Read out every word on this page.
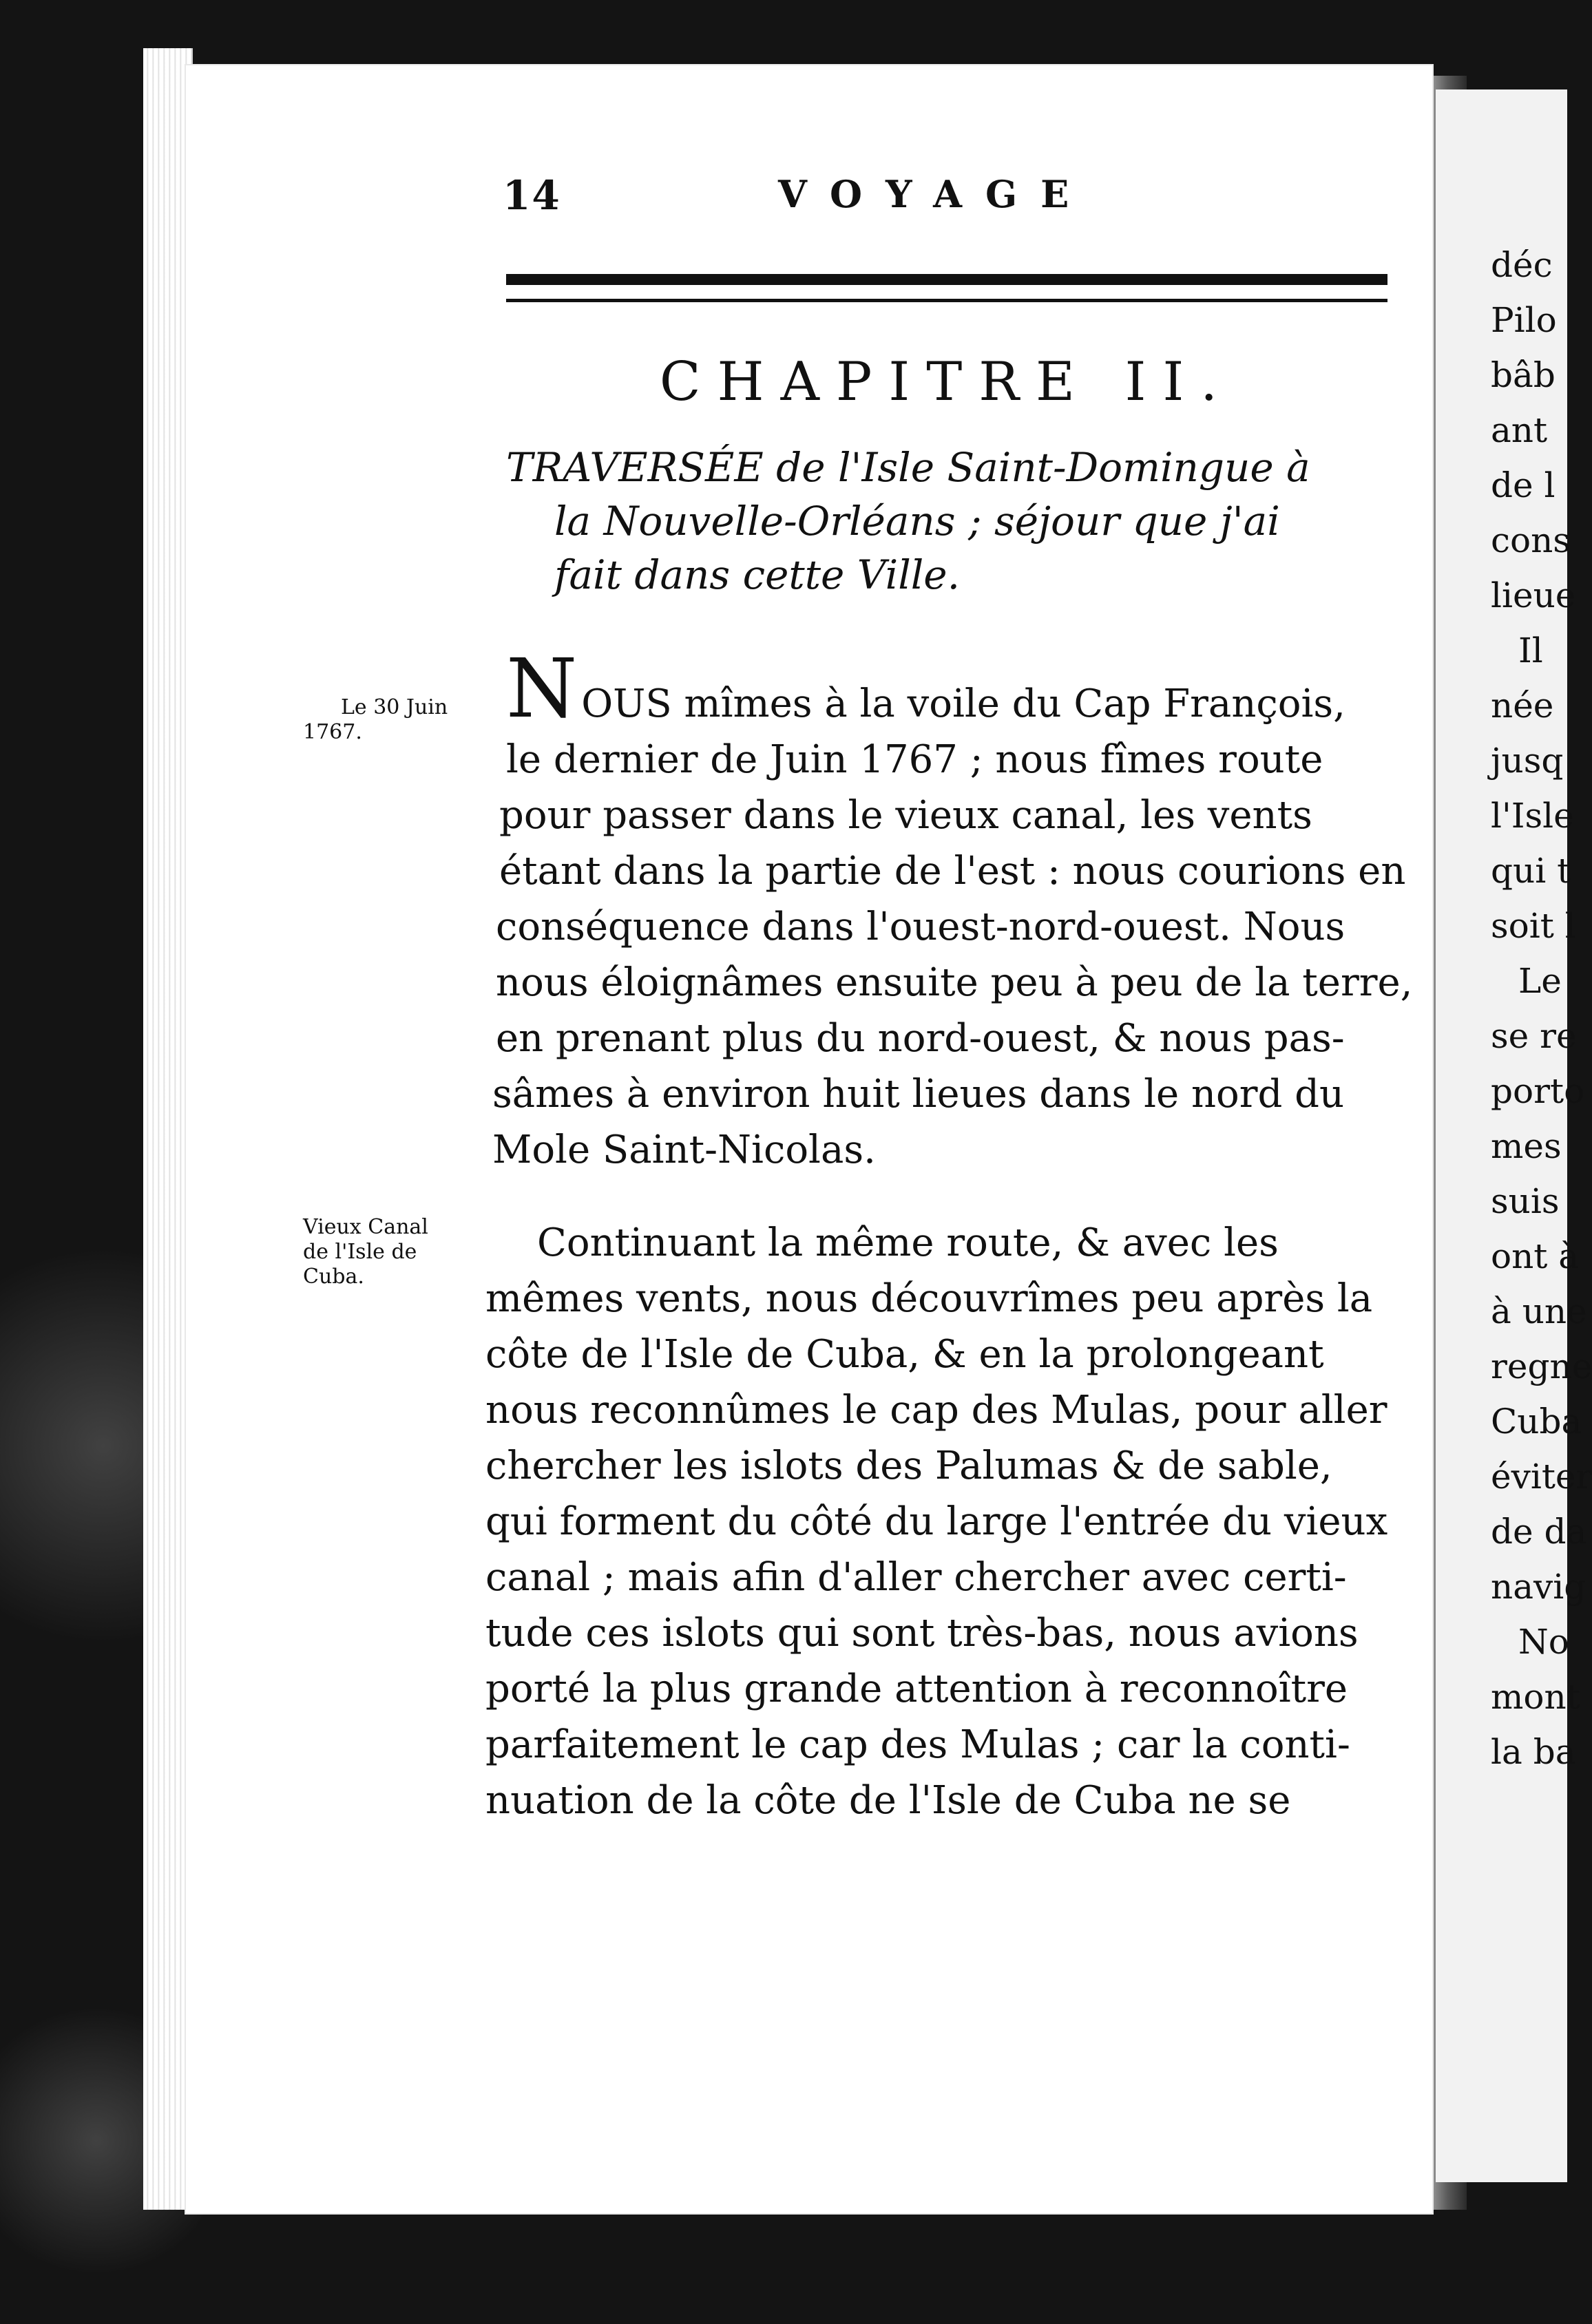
14	VOYAGE
CHAPITRE II.
TRAVERSÉE de l'Isle Saint-Domingue à
la Nouvelle-Orléans ; séjour que j'ai
fait dans cette Ville.
Le 30 Juin
1767.
Vieux Canal
de l'Isle de
Cuba.
NOUS mîmes à la voile du Cap François,
le dernier de Juin 1767 ; nous fîmes route
pour passer dans le vieux canal, les vents
étant dans la partie de l'est : nous courions en
conséquence dans l'ouest-nord-ouest. Nous
nous éloignâmes ensuite peu à peu de la terre,
en prenant plus du nord-ouest, & nous pas-
sâmes à environ huit lieues dans le nord du
Mole Saint-Nicolas.
Continuant la même route, & avec les
mêmes vents, nous découvrîmes peu après la
côte de l'Isle de Cuba, & en la prolongeant
nous reconnûmes le cap des Mulas, pour aller
chercher les islots des Palumas & de sable,
qui forment du côté du large l'entrée du vieux
canal ; mais afin d'aller chercher avec certi-
tude ces islots qui sont très-bas, nous avions
porté la plus grande attention à reconnoître
parfaitement le cap des Mulas ; car la conti-
nuation de la côte de l'Isle de Cuba ne se
déc
Pilo
bâb
ant
de l
cons
lieue
Il
née
jusq
l'Isle
qui t
soit l
Le
se re
porto
mes
suis
ont à
à une
regne
Cuba
éviter
de da
navig
No
mont
la ba
